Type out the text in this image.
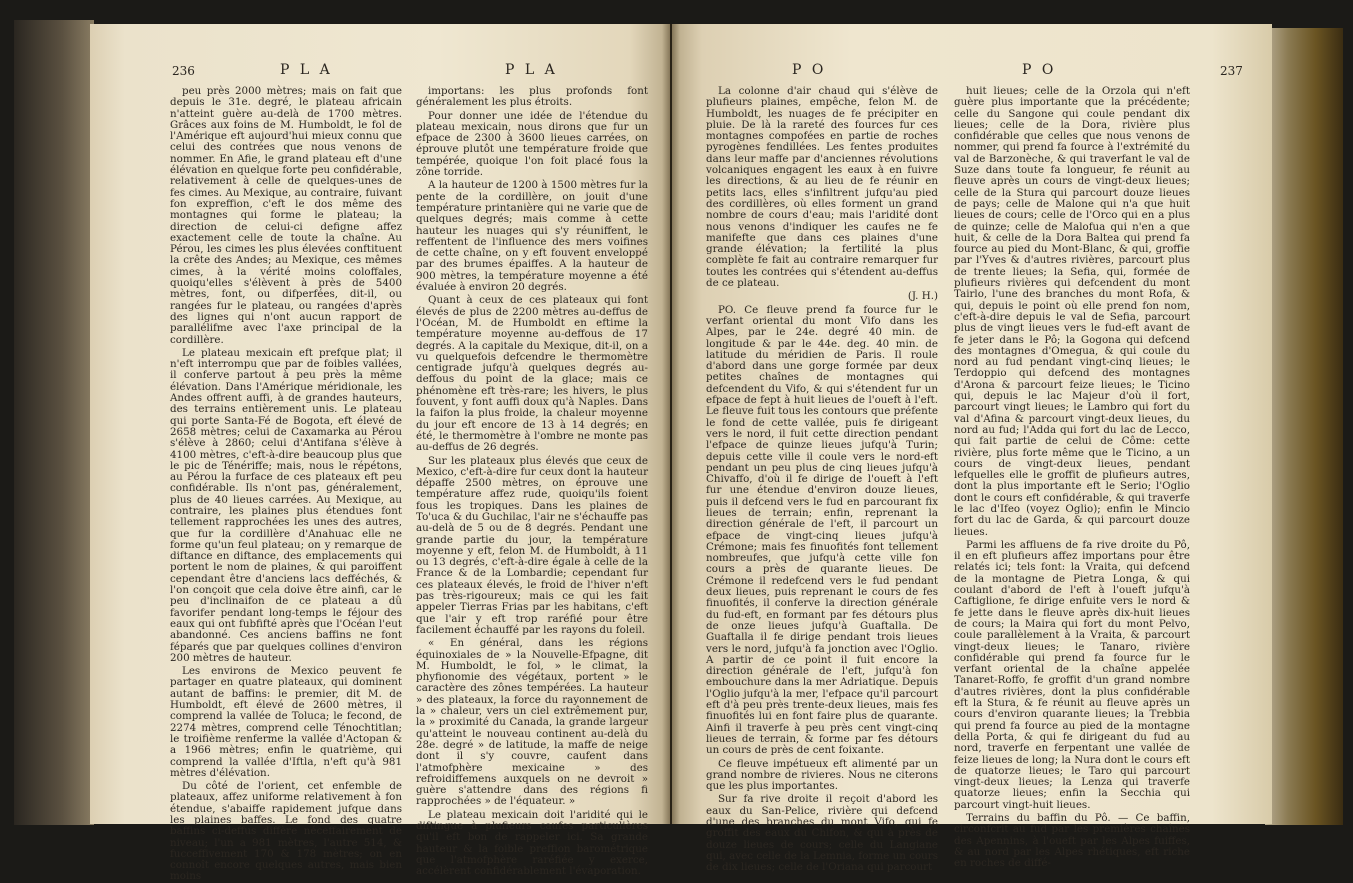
236	P L A	P L A

peu près 2000 mètres; mais on fait que depuis le 31e. degré, le plateau africain n'atteint guère au-delà de 1700 mètres. Grâces aux foins de M. Humboldt, le fol de l'Amérique eft aujourd'hui mieux connu que celui des contrées que nous venons de nommer. En Afie, le grand plateau eft d'une élévation en quelque forte peu confidérable, relativement à celle de quelques-unes de fes cimes. Au Mexique, au contraire, fuivant fon expreffion, c'eft le dos même des montagnes qui forme le plateau; la direction de celui-ci defigne affez exactement celle de toute la chaîne. Au Pérou, les cimes les plus élevées conftituent la crête des Andes; au Mexique, ces mêmes cimes, à la vérité moins coloffales, quoiqu'elles s'élèvent à près de 5400 mètres, font, ou difperfées, dit-il, ou rangées fur le plateau, ou rangées d'après des lignes qui n'ont aucun rapport de parallélifme avec l'axe principal de la cordillère.

Le plateau mexicain eft prefque plat; il n'eft interrompu que par de foibles vallées, il conferve partout à peu près la même élévation. Dans l'Amérique méridionale, les Andes offrent auffi, à de grandes hauteurs, des terrains entièrement unis. Le plateau qui porte Santa-Fé de Bogota, eft élevé de 2658 mètres; celui de Caxamarka au Pérou s'élève à 2860; celui d'Antifana s'élève à 4100 mètres, c'eft-à-dire beaucoup plus que le pic de Ténériffe; mais, nous le répétons, au Pérou la furface de ces plateaux eft peu confidérable. Ils n'ont pas, généralement, plus de 40 lieues carrées. Au Mexique, au contraire, les plaines plus étendues font tellement rapprochées les unes des autres, que fur la cordillère d'Anahuac elle ne forme qu'un feul plateau; on y remarque de diftance en diftance, des emplacements qui portent le nom de plaines, & qui paroiffent cependant être d'anciens lacs defféchés, & l'on conçoit que cela doive être ainfi, car le peu d'inclinaifon de ce plateau a dû favorifer pendant long-temps le féjour des eaux qui ont fubfifté après que l'Océan l'eut abandonné. Ces anciens baffins ne font féparés que par quelques collines d'environ 200 mètres de hauteur.

Les environs de Mexico peuvent fe partager en quatre plateaux, qui dominent autant de baffins: le premier, dit M. de Humboldt, eft élevé de 2600 mètres, il comprend la vallée de Toluca; le fecond, de 2274 mètres, comprend celle Ténochtitlan; le troifième renferme la vallée d'Actopan & a 1966 mètres; enfin le quatrième, qui comprend la vallée d'Iftla, n'eft qu'à 981 mètres d'élévation.

Du côté de l'orient, cet enfemble de plateaux, affez uniforme relativement à fon étendue, s'abaiffe rapidement jufque dans les plaines baffes. Le fond des quatre baffins ci-deffus diffère néceffairement de niveau; l'un a 981 mètres, l'autre 514, & fucceffivement 170 & 178 mètres; on en connoît encore quelques autres, mais bien moins

importans: les plus profonds font généralement les plus étroits.

Pour donner une idée de l'étendue du plateau mexicain, nous dirons que fur un efpace de 2300 à 3600 lieues carrées, on éprouve plutôt une température froide que tempérée, quoique l'on foit placé fous la zône torride.

A la hauteur de 1200 à 1500 mètres fur la pente de la cordillère, on jouit d'une température printanière qui ne varie que de quelques degrés; mais comme à cette hauteur les nuages qui s'y réuniffent, le reffentent de l'influence des mers voifines de cette chaîne, on y eft fouvent enveloppé par des brumes épaiffes. A la hauteur de 900 mètres, la température moyenne a été évaluée à environ 20 degrés.

Quant à ceux de ces plateaux qui font élevés de plus de 2200 mètres au-deffus de l'Océan, M. de Humboldt en eftime la température moyenne au-deffous de 17 degrés. A la capitale du Mexique, dit-il, on a vu quelquefois defcendre le thermomètre centigrade jufqu'à quelques degrés au-deffous du point de la glace; mais ce phénomène eft très-rare; les hivers, le plus fouvent, y font auffi doux qu'à Naples. Dans la faifon la plus froide, la chaleur moyenne du jour eft encore de 13 à 14 degrés; en été, le thermomètre à l'ombre ne monte pas au-deffus de 26 degrés.

Sur les plateaux plus élevés que ceux de Mexico, c'eft-à-dire fur ceux dont la hauteur dépaffe 2500 mètres, on éprouve une température affez rude, quoiqu'ils foient fous les tropiques. Dans les plaines de To'uca & du Guchilac, l'air ne s'échauffe pas au-delà de 5 ou de 8 degrés. Pendant une grande partie du jour, la température moyenne y eft, felon M. de Humboldt, à 11 ou 13 degrés, c'eft-à-dire égale à celle de la France & de la Lombardie; cependant fur ces plateaux élevés, le froid de l'hiver n'eft pas très-rigoureux; mais ce qui les fait appeler Tierras Frias par les habitans, c'eft que l'air y eft trop raréfié pour être facilement échauffé par les rayons du foleil.

« En général, dans les régions équinoxiales de » la Nouvelle-Efpagne, dit M. Humboldt, le fol, » le climat, la phyfionomie des végétaux, portent » le caractère des zônes tempérées. La hauteur » des plateaux, la force du rayonnement de la » chaleur, vers un ciel extrêmement pur, la » proximité du Canada, la grande largeur qu'atteint le nouveau continent au-delà du 28e. degré » de latitude, la maffe de neige dont il s'y couvre, caufent dans l'atmofphère mexicaine » des refroidiffemens auxquels on ne devroit » guère s'attendre dans des régions fi rapprochées » de l'équateur. »

Le plateau mexicain doit l'aridité qui le diftingue à plufieurs caufes particulières qu'il eft bon de rappeler ici. Sa grande hauteur & la foible preffion barométrique que l'atmofphère raréfiée y exerce, accélèrent confidérablement l'évaporation.

P O	P O	237

La colonne d'air chaud qui s'élève de plufieurs plaines, empêche, felon M. de Humboldt, les nuages de fe précipiter en pluie. De là la rareté des fources fur ces montagnes compofées en partie de roches pyrogènes fendillées. Les fentes produites dans leur maffe par d'anciennes révolutions volcaniques engagent les eaux à en fuivre les directions, & au lieu de fe réunir en petits lacs, elles s'infiltrent jufqu'au pied des cordillères, où elles forment un grand nombre de cours d'eau; mais l'aridité dont nous venons d'indiquer les caufes ne fe manifefte que dans ces plaines d'une grande élévation; la fertilité la plus complète fe fait au contraire remarquer fur toutes les contrées qui s'étendent au-deffus de ce plateau.

(J. H.)

PO. Ce fleuve prend fa fource fur le verfant oriental du mont Vifo dans les Alpes, par le 24e. degré 40 min. de longitude & par le 44e. deg. 40 min. de latitude du méridien de Paris. Il roule d'abord dans une gorge formée par deux petites chaînes de montagnes qui defcendent du Vifo, & qui s'étendent fur un efpace de fept à huit lieues de l'oueft à l'eft. Le fleuve fuit tous les contours que préfente le fond de cette vallée, puis fe dirigeant vers le nord, il fuit cette direction pendant l'efpace de quinze lieues jufqu'à Turin; depuis cette ville il coule vers le nord-eft pendant un peu plus de cinq lieues jufqu'à Chivaffo, d'où il fe dirige de l'oueft à l'eft fur une étendue d'environ douze lieues, puis il defcend vers le fud en parcourant fix lieues de terrain; enfin, reprenant la direction générale de l'eft, il parcourt un efpace de vingt-cinq lieues jufqu'à Crémone; mais fes finuofités font tellement nombreufes, que jufqu'à cette ville fon cours a près de quarante lieues. De Crémone il redefcend vers le fud pendant deux lieues, puis reprenant le cours de fes finuofités, il conferve la direction générale du fud-eft, en formant par fes détours plus de onze lieues jufqu'à Guaftalla. De Guaftalla il fe dirige pendant trois lieues vers le nord, jufqu'à fa jonction avec l'Oglio. A partir de ce point il fuit encore la direction générale de l'eft, jufqu'à fon embouchure dans la mer Adriatique. Depuis l'Oglio jufqu'à la mer, l'efpace qu'il parcourt eft d'à peu près trente-deux lieues, mais fes finuofités lui en font faire plus de quarante. Ainfi il traverfe à peu près cent vingt-cinq lieues de terrain, & forme par fes détours un cours de près de cent foixante.

Ce fleuve impétueux eft alimenté par un grand nombre de rivieres. Nous ne citerons que les plus importantes.

Sur fa rive droite il reçoit d'abord les eaux du San-Pelice, rivière qui defcend d'une des branches du mont Vifo, qui fe groffit des eaux du Chifon, & qui à près de douze lieues de cours; celle du Langiane qui, avec celle de la Lemnia, forme un cours de dix lieues; celle de l'Oriana qui parcourt

huit lieues; celle de la Orzola qui n'eft guère plus importante que la précédente; celle du Sangone qui coule pendant dix lieues; celle de la Dora, rivière plus confidérable que celles que nous venons de nommer, qui prend fa fource à l'extrémité du val de Barzonèche, & qui traverfant le val de Suze dans toute fa longueur, fe réunit au fleuve après un cours de vingt-deux lieues; celle de la Stura qui parcourt douze lieues de pays; celle de Malone qui n'a que huit lieues de cours; celle de l'Orco qui en a plus de quinze; celle de Malofua qui n'en a que huit, & celle de la Dora Baltea qui prend fa fource au pied du Mont-Blanc, & qui, groffie par l'Yves & d'autres rivières, parcourt plus de trente lieues; la Sefia, qui, formée de plufieurs rivières qui defcendent du mont Tairlo, l'une des branches du mont Rofa, & qui, depuis le point où elle prend fon nom, c'eft-à-dire depuis le val de Sefia, parcourt plus de vingt lieues vers le fud-eft avant de fe jeter dans le Pô; la Gogona qui defcend des montagnes d'Omegua, & qui coule du nord au fud pendant vingt-cinq lieues; le Terdoppio qui defcend des montagnes d'Arona & parcourt feize lieues; le Ticino qui, depuis le lac Majeur d'où il fort, parcourt vingt lieues; le Lambro qui fort du val d'Afina & parcourt vingt-deux lieues, du nord au fud; l'Adda qui fort du lac de Lecco, qui fait partie de celui de Côme: cette rivière, plus forte même que le Ticino, a un cours de vingt-deux lieues, pendant lefquelles elle le groffit de plufieurs autres, dont la plus importante eft le Serio; l'Oglio dont le cours eft confidérable, & qui traverfe le lac d'Ifeo (voyez Oglio); enfin le Mincio fort du lac de Garda, & qui parcourt douze lieues.

Parmi les affluens de fa rive droite du Pô, il en eft plufieurs affez importans pour être relatés ici; tels font: la Vraita, qui defcend de la montagne de Pietra Longa, & qui coulant d'abord de l'eft à l'oueft jufqu'à Caftiglione, fe dirige enfuite vers le nord & fe jette dans le fleuve après dix-huit lieues de cours; la Maira qui fort du mont Pelvo, coule parallèlement à la Vraita, & parcourt vingt-deux lieues; le Tanaro, rivière confidérable qui prend fa fource fur le verfant oriental de la chaîne appelée Tanaret-Roffo, fe groffit d'un grand nombre d'autres rivières, dont la plus confidérable eft la Stura, & fe réunit au fleuve après un cours d'environ quarante lieues; la Trebbia qui prend fa fource au pied de la montagne della Porta, & qui fe dirigeant du fud au nord, traverfe en ferpentant une vallée de feize lieues de long; la Nura dont le cours eft de quatorze lieues; le Taro qui parcourt vingt-deux lieues; la Lenza qui traverfe quatorze lieues; enfin la Secchia qui parcourt vingt-huit lieues.

Terrains du baffin du Pô. — Ce baffin, circonfcrit au fud par les premières chaînes des Apennins, à l'oueft par les Alpes fuiffes, & au nord par les Alpes rhétiques, eft riche en roches de diffé-
